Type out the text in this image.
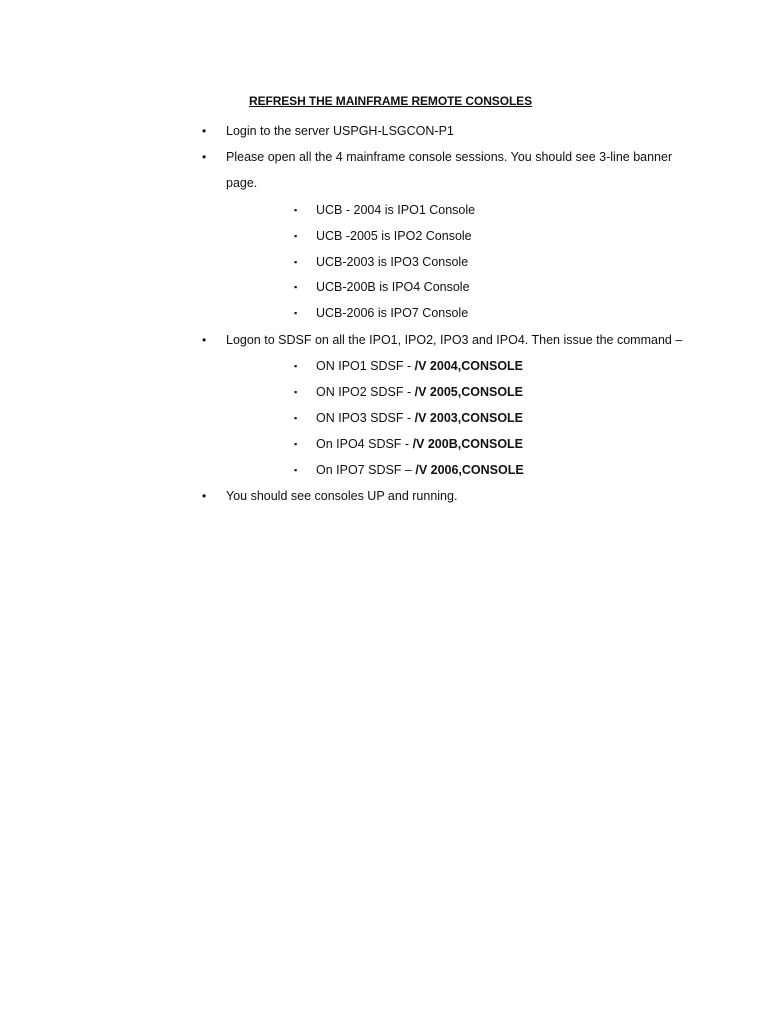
REFRESH THE MAINFRAME REMOTE CONSOLES
• Login to the server USPGH-LSGCON-P1
• Please open all the 4 mainframe console sessions. You should see 3-line banner
page.
▪ UCB - 2004 is IPO1 Console
▪ UCB -2005 is IPO2 Console
▪ UCB-2003 is IPO3 Console
▪ UCB-200B is IPO4 Console
▪ UCB-2006 is IPO7 Console
• Logon to SDSF on all the IPO1, IPO2, IPO3 and IPO4. Then issue the command –
▪ ON IPO1 SDSF - /V 2004,CONSOLE
▪ ON IPO2 SDSF - /V 2005,CONSOLE
▪ ON IPO3 SDSF - /V 2003,CONSOLE
▪ On IPO4 SDSF - /V 200B,CONSOLE
▪ On IPO7 SDSF – /V 2006,CONSOLE
• You should see consoles UP and running.
